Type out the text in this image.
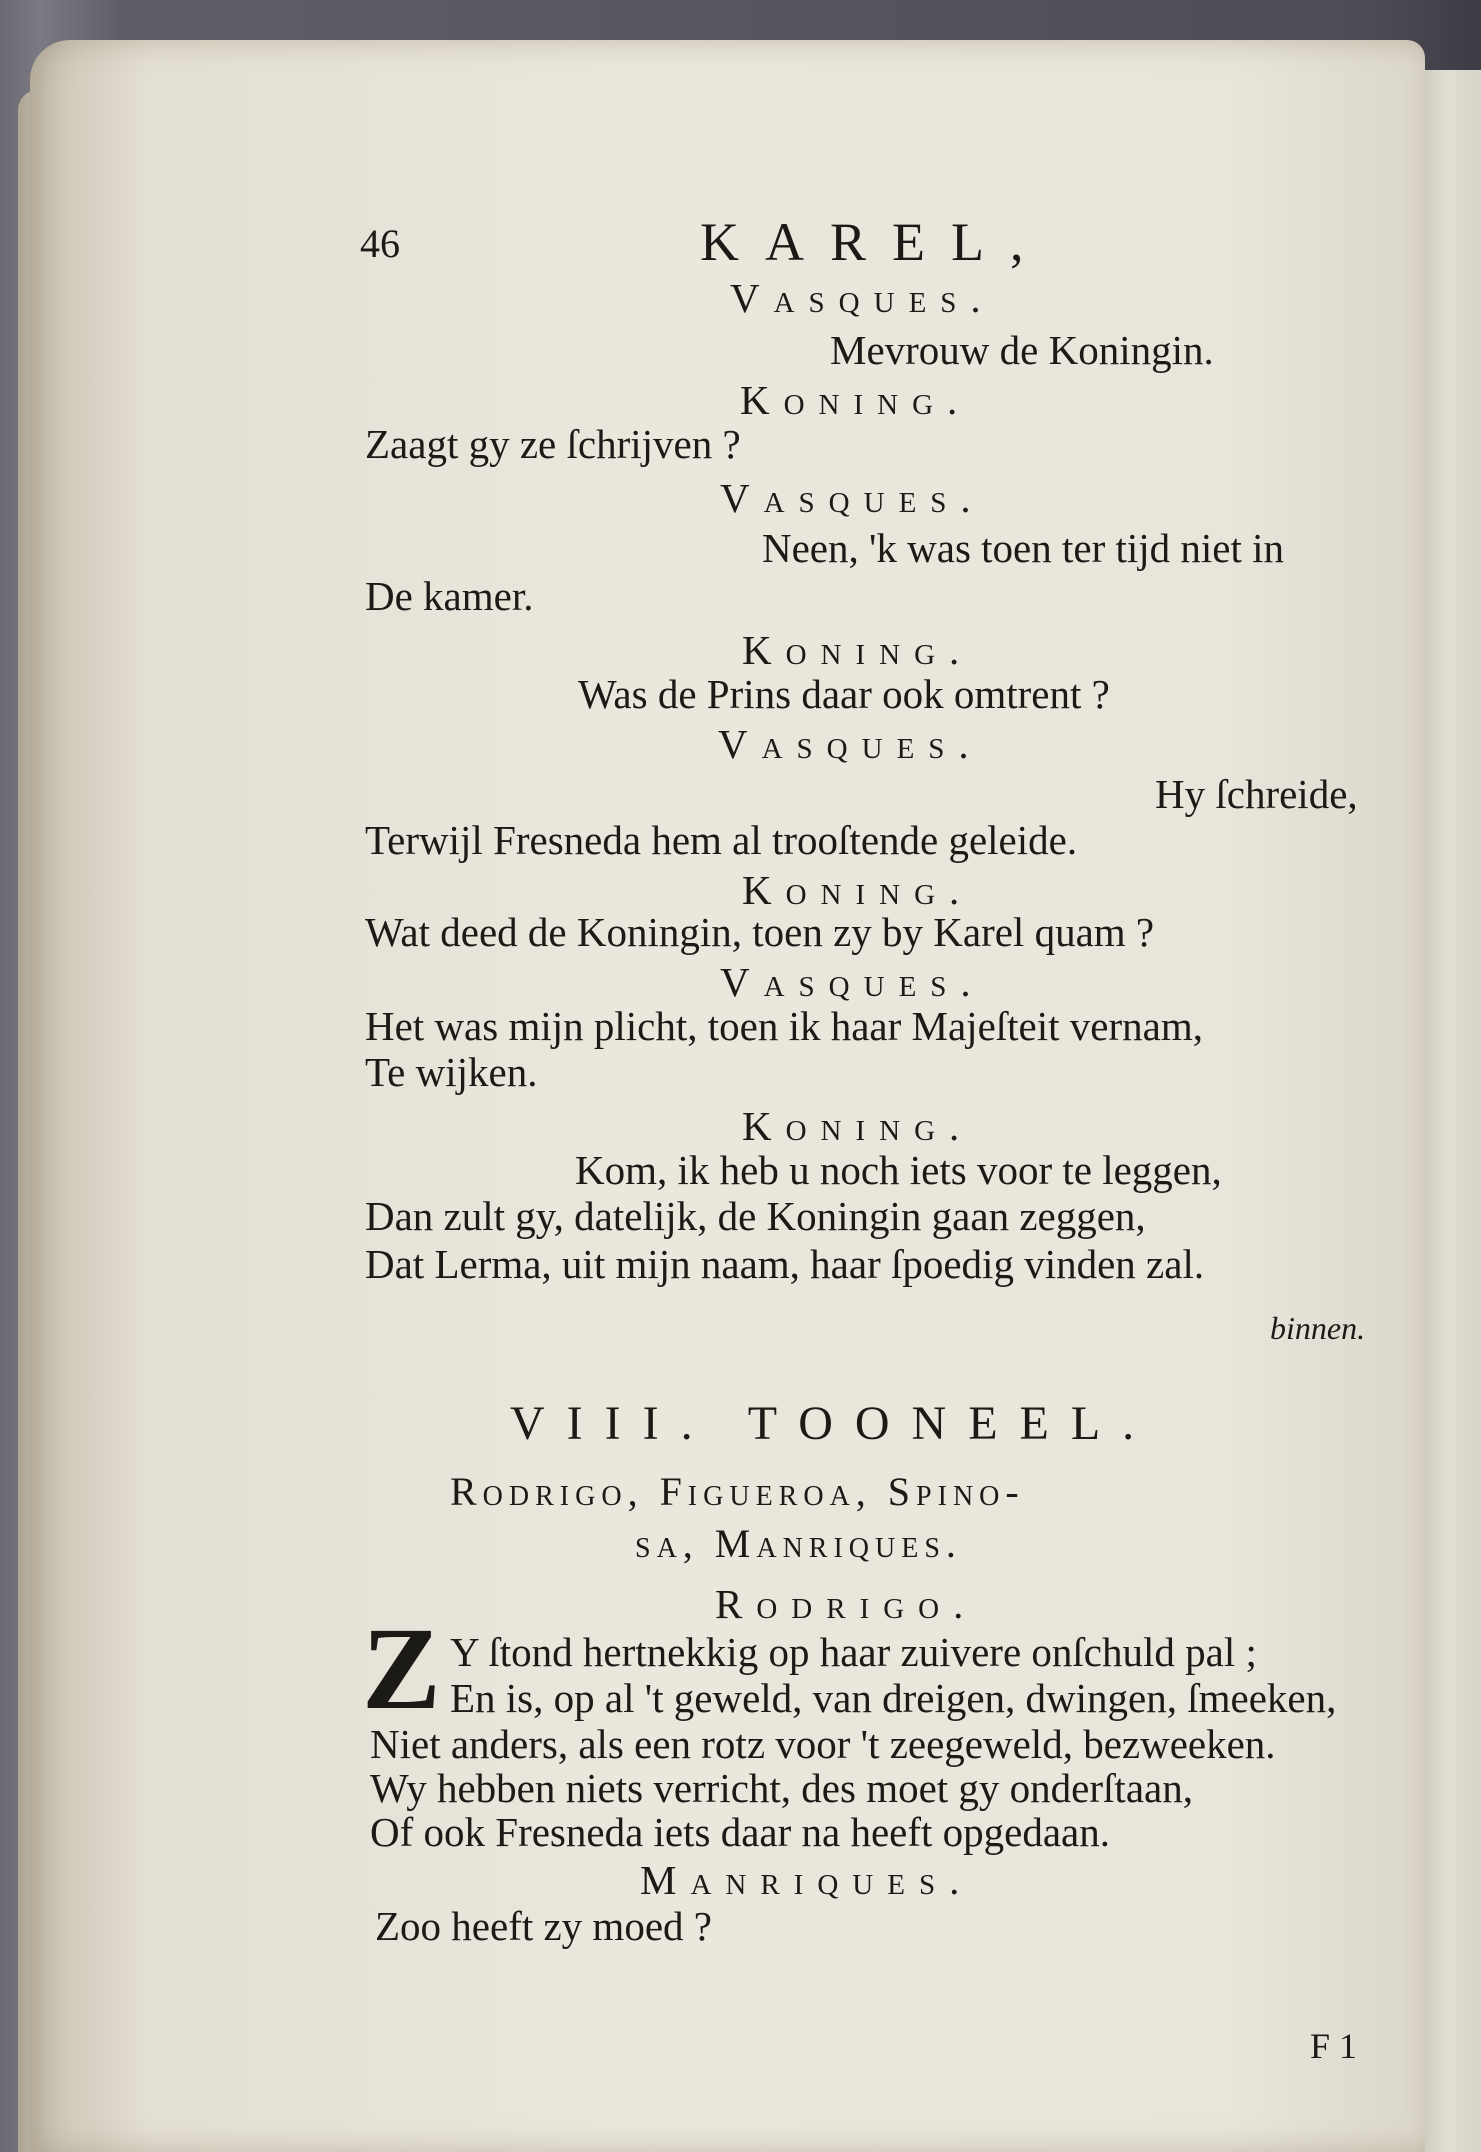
46	KAREL,
Vasques.
Mevrouw de Koningin.
Koning.
Zaagt gy ze ſchrijven ?
Vasques.
Neen, 'k was toen ter tijd niet in
De kamer.
Koning.
Was de Prins daar ook omtrent ?
Vasques.
Hy ſchreide,
Terwijl Fresneda hem al trooſtende geleide.
Koning.
Wat deed de Koningin, toen zy by Karel quam ?
Vasques.
Het was mijn plicht, toen ik haar Majeſteit vernam,
Te wijken.
Koning.
Kom, ik heb u noch iets voor te leggen,
Dan zult gy, datelijk, de Koningin gaan zeggen,
Dat Lerma, uit mijn naam, haar ſpoedig vinden zal.
binnen.
VIII. TOONEEL.
Rodrigo, Figueroa, Spino-
sa, Manriques.
Rodrigo.
Z Y ſtond hertnekkig op haar zuivere onſchuld pal ;
En is, op al 't geweld, van dreigen, dwingen, ſmeeken,
Niet anders, als een rotz voor 't zeegeweld, bezweeken.
Wy hebben niets verricht, des moet gy onderſtaan,
Of ook Fresneda iets daar na heeft opgedaan.
Manriques.
Zoo heeft zy moed ?
F 1
